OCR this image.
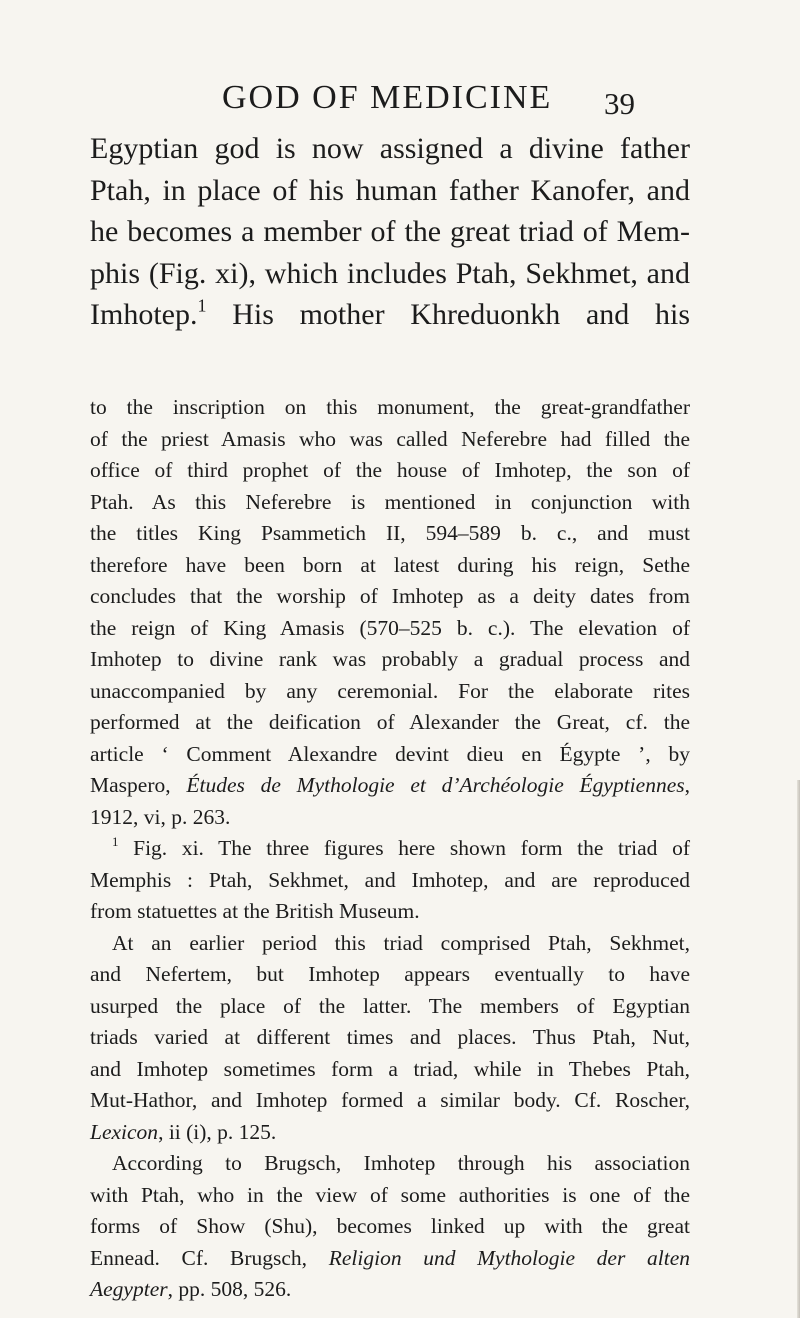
GOD OF MEDICINE 39
Egyptian god is now assigned a divine father
Ptah, in place of his human father Kanofer, and
he becomes a member of the great triad of Mem-
phis (Fig. xi), which includes Ptah, Sekhmet, and
Imhotep.$^1$ His mother Khreduonkh and his
to the inscription on this monument, the great-grandfather
of the priest Amasis who was called Neferebre had filled the
office of third prophet of the house of Imhotep, the son of
Ptah. As this Neferebre is mentioned in conjunction with
the titles King Psammetich II, 594–589 b. c., and must
therefore have been born at latest during his reign, Sethe
concludes that the worship of Imhotep as a deity dates from
the reign of King Amasis (570–525 b. c.). The elevation of
Imhotep to divine rank was probably a gradual process and
unaccompanied by any ceremonial. For the elaborate rites
performed at the deification of Alexander the Great, cf. the
article ‘ Comment Alexandre devint dieu en Égypte ’, by
Maspero, Études de Mythologie et d’Archéologie Égyptiennes,
1912, vi, p. 263.
$^1$ Fig. xi. The three figures here shown form the triad of
Memphis : Ptah, Sekhmet, and Imhotep, and are reproduced
from statuettes at the British Museum.
At an earlier period this triad comprised Ptah, Sekhmet,
and Nefertem, but Imhotep appears eventually to have
usurped the place of the latter. The members of Egyptian
triads varied at different times and places. Thus Ptah, Nut,
and Imhotep sometimes form a triad, while in Thebes Ptah,
Mut-Hathor, and Imhotep formed a similar body. Cf. Roscher,
Lexicon, ii (i), p. 125.
According to Brugsch, Imhotep through his association
with Ptah, who in the view of some authorities is one of the
forms of Show (Shu), becomes linked up with the great
Ennead. Cf. Brugsch, Religion und Mythologie der alten
Aegypter, pp. 508, 526.
